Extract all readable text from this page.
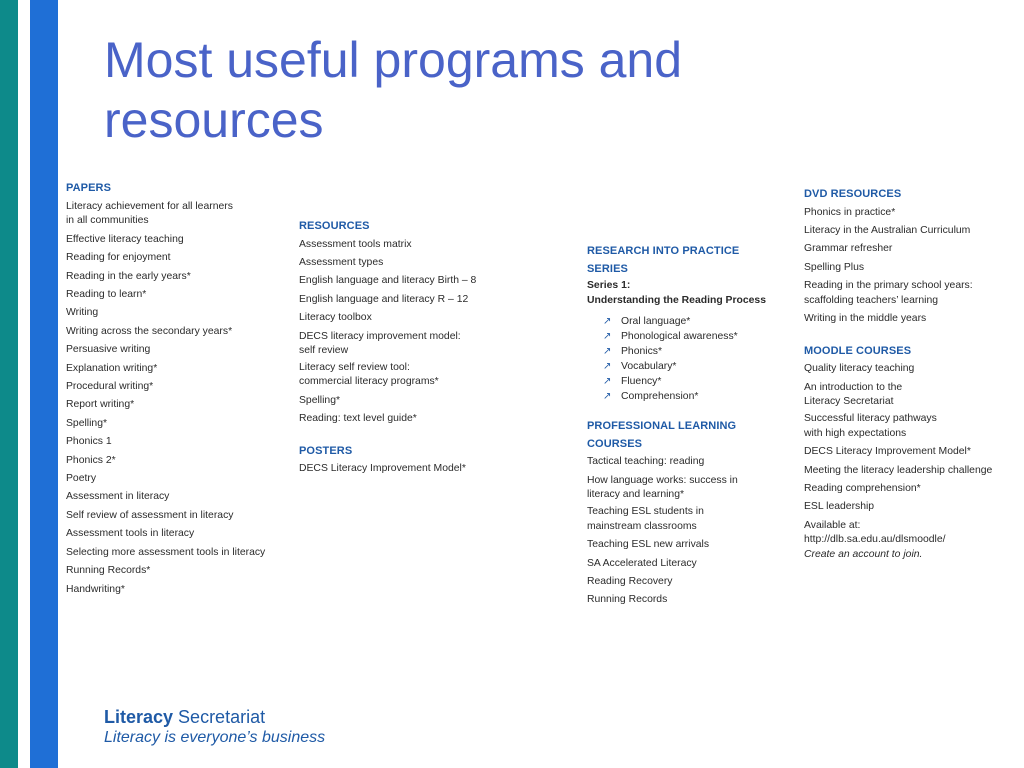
Most useful programs and resources
PAPERS
Literacy achievement for all learners
in all communities
Effective literacy teaching
Reading for enjoyment
Reading in the early years*
Reading to learn*
Writing
Writing across the secondary years*
Persuasive writing
Explanation writing*
Procedural writing*
Report writing*
Spelling*
Phonics 1
Phonics 2*
Poetry
Assessment in literacy
Self review of assessment in literacy
Assessment tools in literacy
Selecting more assessment tools in literacy
Running Records*
Handwriting*
RESOURCES
Assessment tools matrix
Assessment types
English language and literacy Birth – 8
English language and literacy R – 12
Literacy toolbox
DECS literacy improvement model:
self review
Literacy self review tool:
commercial literacy programs*
Spelling*
Reading: text level guide*
POSTERS
DECS Literacy Improvement Model*
RESEARCH INTO PRACTICE
SERIES
Series 1:
Understanding the Reading Process
↗ Oral language*
↗ Phonological awareness*
↗ Phonics*
↗ Vocabulary*
↗ Fluency*
↗ Comprehension*
PROFESSIONAL LEARNING
COURSES
Tactical teaching: reading
How language works: success in
literacy and learning*
Teaching ESL students in
mainstream classrooms
Teaching ESL new arrivals
SA Accelerated Literacy
Reading Recovery
Running Records
DVD RESOURCES
Phonics in practice*
Literacy in the Australian Curriculum
Grammar refresher
Spelling Plus
Reading in the primary school years:
scaffolding teachers’ learning
Writing in the middle years
MOODLE COURSES
Quality literacy teaching
An introduction to the
Literacy Secretariat
Successful literacy pathways
with high expectations
DECS Literacy Improvement Model*
Meeting the literacy leadership challenge
Reading comprehension*
ESL leadership
Available at:
http://dlb.sa.edu.au/dlsmoodle/
Create an account to join.
Literacy Secretariat
Literacy is everyone’s business
